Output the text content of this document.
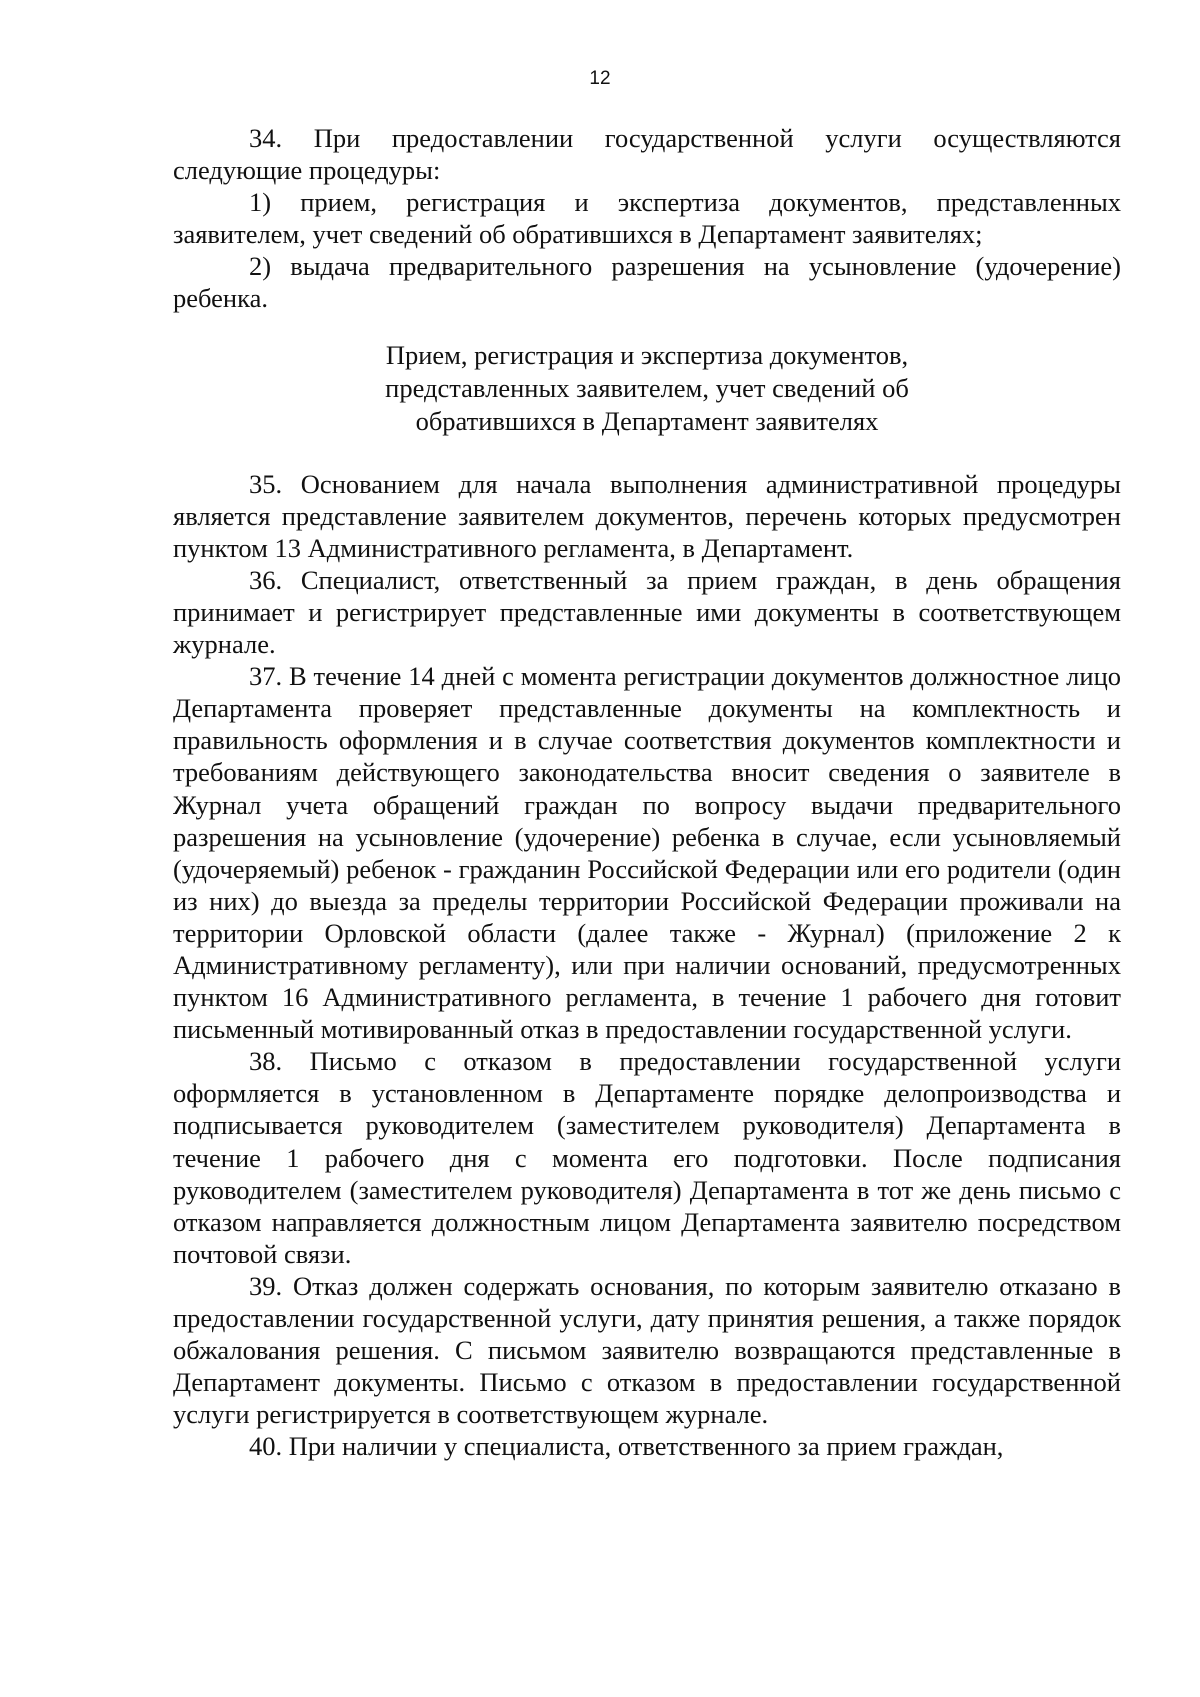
12

34. При предоставлении государственной услуги осуществляются следующие процедуры:

1) прием, регистрация и экспертиза документов, представленных заявителем, учет сведений об обратившихся в Департамент заявителях;

2) выдача предварительного разрешения на усыновление (удочерение) ребенка.

Прием, регистрация и экспертиза документов,
представленных заявителем, учет сведений об
обратившихся в Департамент заявителях

35. Основанием для начала выполнения административной процедуры является представление заявителем документов, перечень которых предусмотрен пунктом 13 Административного регламента, в Департамент.

36. Специалист, ответственный за прием граждан, в день обращения принимает и регистрирует представленные ими документы в соответствующем журнале.

37. В течение 14 дней с момента регистрации документов должностное лицо Департамента проверяет представленные документы на комплектность и правильность оформления и в случае соответствия документов комплектности и требованиям действующего законодательства вносит сведения о заявителе в Журнал учета обращений граждан по вопросу выдачи предварительного разрешения на усыновление (удочерение) ребенка в случае, если усыновляемый (удочеряемый) ребенок - гражданин Российской Федерации или его родители (один из них) до выезда за пределы территории Российской Федерации проживали на территории Орловской области (далее также - Журнал) (приложение 2 к Административному регламенту), или при наличии оснований, предусмотренных пунктом 16 Административного регламента, в течение 1 рабочего дня готовит письменный мотивированный отказ в предоставлении государственной услуги.

38. Письмо с отказом в предоставлении государственной услуги оформляется в установленном в Департаменте порядке делопроизводства и подписывается руководителем (заместителем руководителя) Департамента в течение 1 рабочего дня с момента его подготовки. После подписания руководителем (заместителем руководителя) Департамента в тот же день письмо с отказом направляется должностным лицом Департамента заявителю посредством почтовой связи.

39. Отказ должен содержать основания, по которым заявителю отказано в предоставлении государственной услуги, дату принятия решения, а также порядок обжалования решения. С письмом заявителю возвращаются представленные в Департамент документы. Письмо с отказом в предоставлении государственной услуги регистрируется в соответствующем журнале.

40. При наличии у специалиста, ответственного за прием граждан,
